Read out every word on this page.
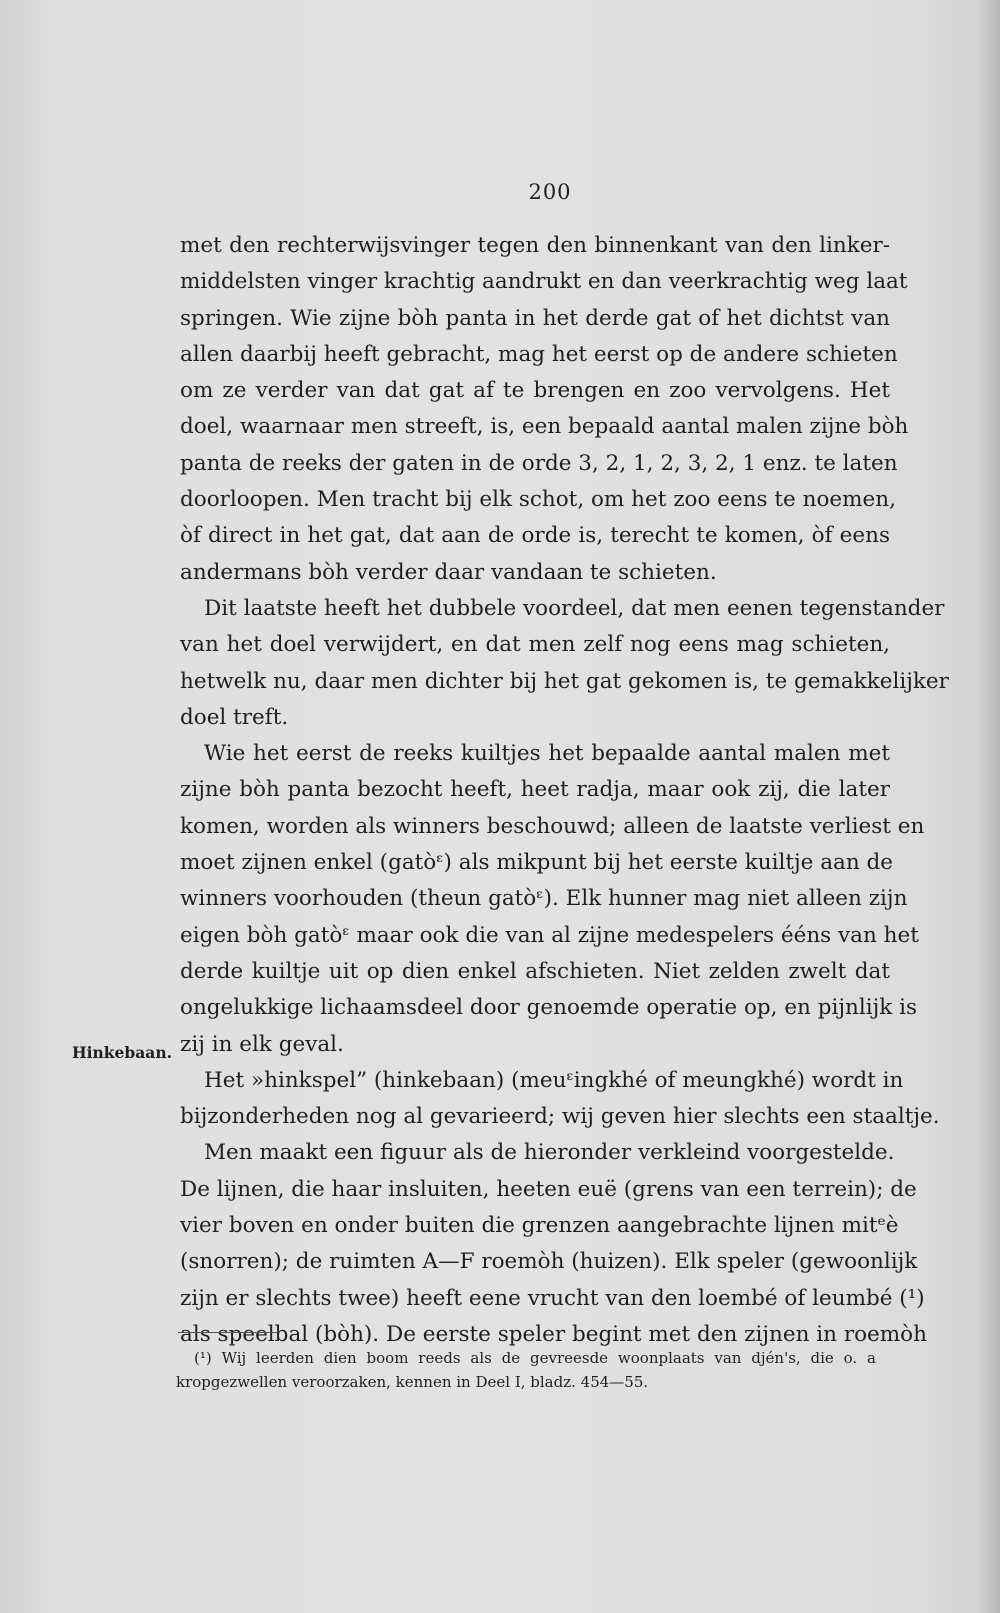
200
Hinkebaan.
met den rechterwijsvinger tegen den binnenkant van den linker-
middelsten vinger krachtig aandrukt en dan veerkrachtig weg laat
springen. Wie zijne bòh panta in het derde gat of het dichtst van
allen daarbij heeft gebracht, mag het eerst op de andere schieten
om ze verder van dat gat af te brengen en zoo vervolgens. Het
doel, waarnaar men streeft, is, een bepaald aantal malen zijne bòh
panta de reeks der gaten in de orde 3, 2, 1, 2, 3, 2, 1 enz. te laten
doorloopen. Men tracht bij elk schot, om het zoo eens te noemen,
òf direct in het gat, dat aan de orde is, terecht te komen, òf eens
andermans bòh verder daar vandaan te schieten.
Dit laatste heeft het dubbele voordeel, dat men eenen tegenstander
van het doel verwijdert, en dat men zelf nog eens mag schieten,
hetwelk nu, daar men dichter bij het gat gekomen is, te gemakkelijker
doel treft.
Wie het eerst de reeks kuiltjes het bepaalde aantal malen met
zijne bòh panta bezocht heeft, heet radja, maar ook zij, die later
komen, worden als winners beschouwd; alleen de laatste verliest en
moet zijnen enkel (gatòᵋ) als mikpunt bij het eerste kuiltje aan de
winners voorhouden (theun gatòᵋ). Elk hunner mag niet alleen zijn
eigen bòh gatòᵋ maar ook die van al zijne medespelers ééns van het
derde kuiltje uit op dien enkel afschieten. Niet zelden zwelt dat
ongelukkige lichaamsdeel door genoemde operatie op, en pijnlijk is
zij in elk geval.
Het »hinkspel” (hinkebaan) (meuᵋingkhé of meungkhé) wordt in
bijzonderheden nog al gevarieerd; wij geven hier slechts een staaltje.
Men maakt een figuur als de hieronder verkleind voorgestelde.
De lijnen, die haar insluiten, heeten euë (grens van een terrein); de
vier boven en onder buiten die grenzen aangebrachte lijnen mitᵉè
(snorren); de ruimten A—F roemòh (huizen). Elk speler (gewoonlijk
zijn er slechts twee) heeft eene vrucht van den loembé of leumbé (¹)
als speelbal (bòh). De eerste speler begint met den zijnen in roemòh
(¹) Wij leerden dien boom reeds als de gevreesde woonplaats van djén's, die o. a
kropgezwellen veroorzaken, kennen in Deel I, bladz. 454—55.
